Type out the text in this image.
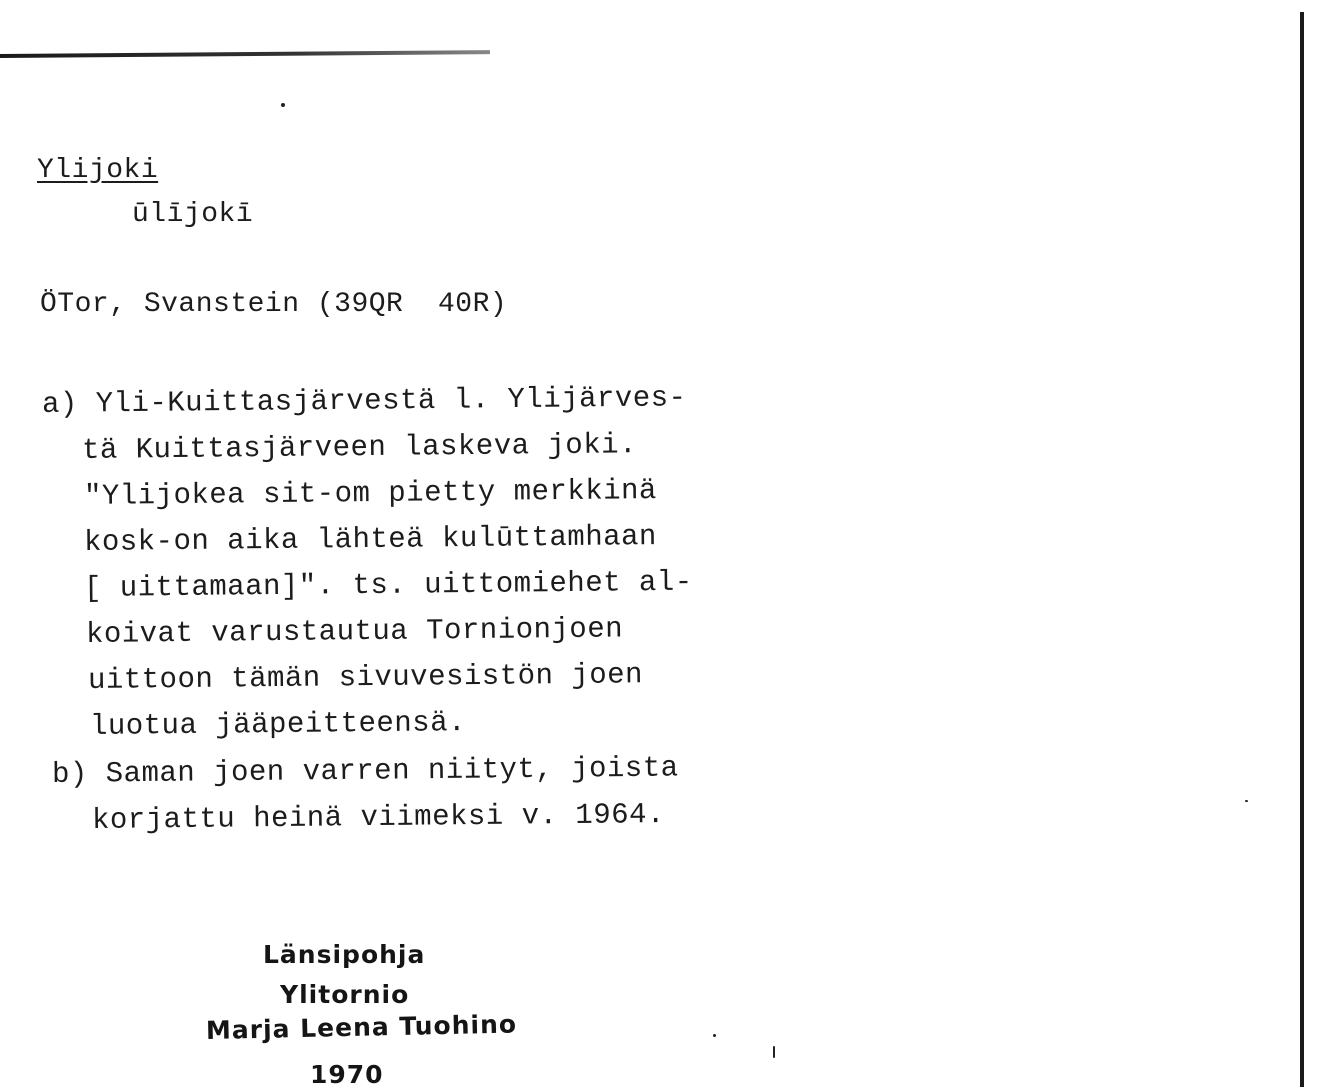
Ylijoki
ūlījokī
ÖTor, Svanstein (39QR  40R)
a) Yli-Kuittasjärvestä l. Ylijärves-
tä Kuittasjärveen laskeva joki.
"Ylijokea sit-om pietty merkkinä
kosk-on aika lähteä kulūttamhaan
[ uittamaan]". ts. uittomiehet al-
koivat varustautua Tornionjoen
uittoon tämän sivuvesistön joen
luotua jääpeitteensä.
b) Saman joen varren niityt, joista
korjattu heinä viimeksi v. 1964.
Länsipohja
Ylitornio
Marja Leena Tuohino
1970
